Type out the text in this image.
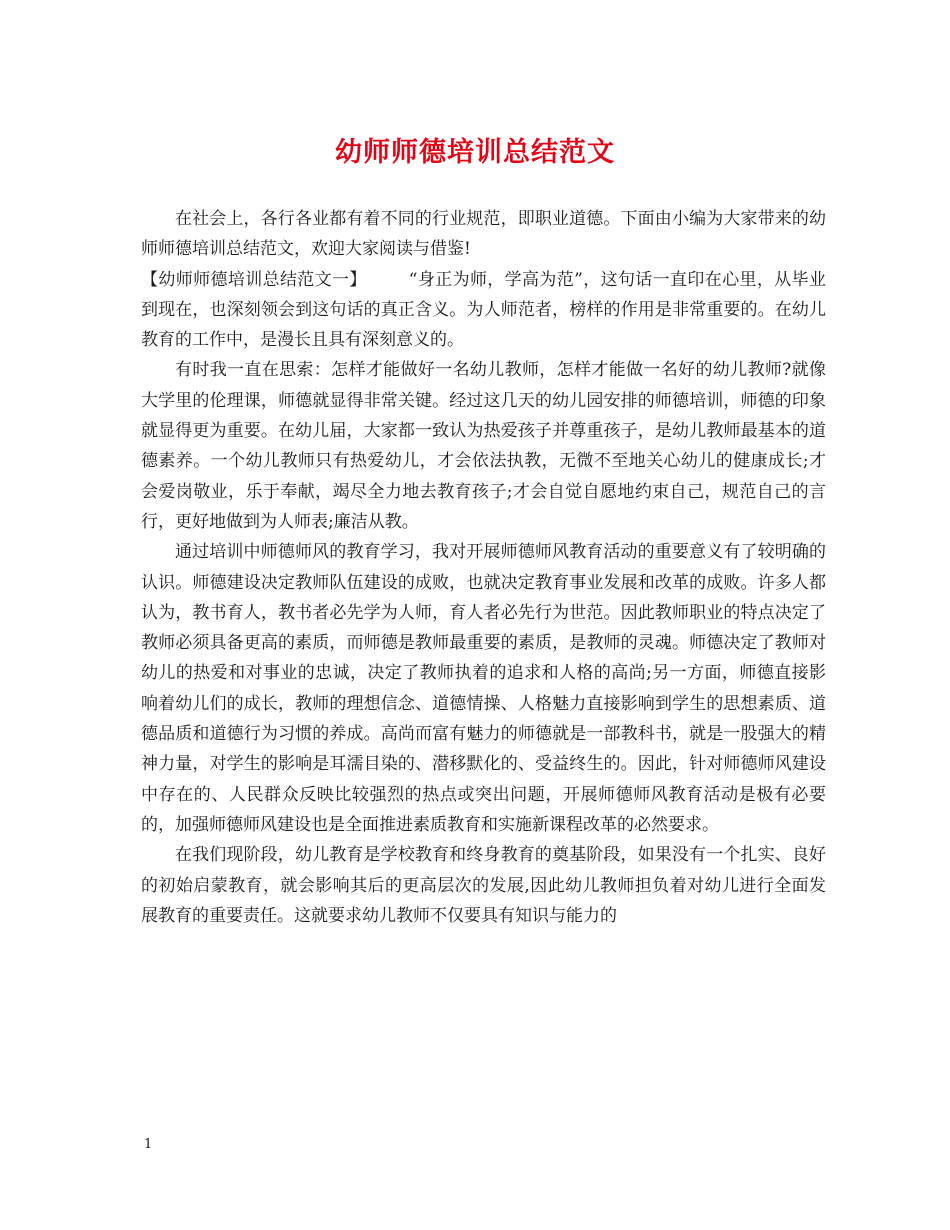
幼师师德培训总结范文

在社会上，各行各业都有着不同的行业规范，即职业道德。下面由小编为大家带来的幼师师德培训总结范文，欢迎大家阅读与借鉴!

【幼师师德培训总结范文一】 “身正为师，学高为范”，这句话一直印在心里，从毕业到现在，也深刻领会到这句话的真正含义。为人师范者，榜样的作用是非常重要的。在幼儿教育的工作中，是漫长且具有深刻意义的。

有时我一直在思索：怎样才能做好一名幼儿教师，怎样才能做一名好的幼儿教师?就像大学里的伦理课，师德就显得非常关键。经过这几天的幼儿园安排的师德培训，师德的印象就显得更为重要。在幼儿届，大家都一致认为热爱孩子并尊重孩子，是幼儿教师最基本的道德素养。一个幼儿教师只有热爱幼儿，才会依法执教，无微不至地关心幼儿的健康成长;才会爱岗敬业，乐于奉献，竭尽全力地去教育孩子;才会自觉自愿地约束自己，规范自己的言行，更好地做到为人师表;廉洁从教。

通过培训中师德师风的教育学习，我对开展师德师风教育活动的重要意义有了较明确的认识。师德建设决定教师队伍建设的成败，也就决定教育事业发展和改革的成败。许多人都认为，教书育人，教书者必先学为人师，育人者必先行为世范。因此教师职业的特点决定了教师必须具备更高的素质，而师德是教师最重要的素质，是教师的灵魂。师德决定了教师对幼儿的热爱和对事业的忠诚，决定了教师执着的追求和人格的高尚;另一方面，师德直接影响着幼儿们的成长，教师的理想信念、道德情操、人格魅力直接影响到学生的思想素质、道德品质和道德行为习惯的养成。高尚而富有魅力的师德就是一部教科书，就是一股强大的精神力量，对学生的影响是耳濡目染的、潜移默化的、受益终生的。因此，针对师德师风建设中存在的、人民群众反映比较强烈的热点或突出问题，开展师德师风教育活动是极有必要的，加强师德师风建设也是全面推进素质教育和实施新课程改革的必然要求。

在我们现阶段，幼儿教育是学校教育和终身教育的奠基阶段，如果没有一个扎实、良好的初始启蒙教育，就会影响其后的更高层次的发展,因此幼儿教师担负着对幼儿进行全面发展教育的重要责任。这就要求幼儿教师不仅要具有知识与能力的

1
